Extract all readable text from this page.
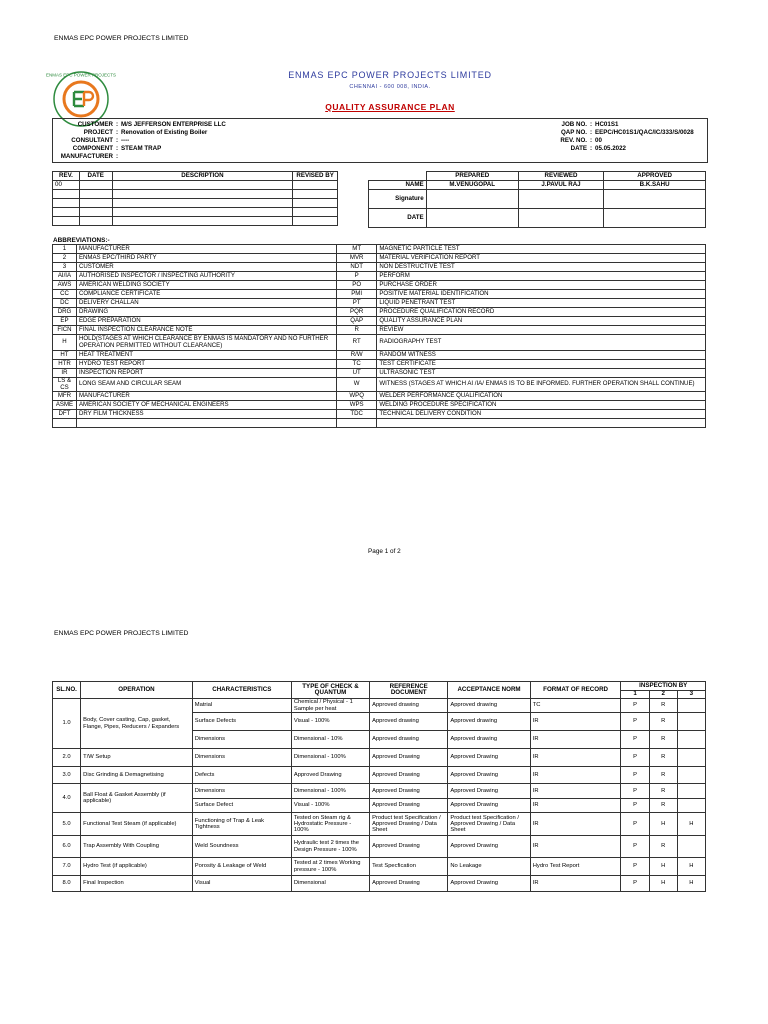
ENMAS EPC POWER PROJECTS LIMITED
ENMAS EPC POWER PROJECTS	ENMAS EPC POWER PROJECTS LIMITED
CHENNAI - 600 008, INDIA.
QUALITY ASSURANCE PLAN
CUSTOMER : M/S JEFFERSON ENTERPRISE LLC
PROJECT : Renovation of Existing Boiler
CONSULTANT : ----
COMPONENT : STEAM TRAP
MANUFACTURER :
JOB NO. : HC01S1
QAP NO. : EEPC/HC01S1/QAC/IC/333/S/0028
REV. NO. : 00
DATE : 05.05.2022
REV.	DATE	DESCRIPTION	REVISED BY
00			

	PREPARED	REVIEWED	APPROVED
NAME	M.VENUGOPAL	J.PAVUL RAJ	B.K.SAHU
Signature			
DATE			
ABBREVIATIONS:-
1	MANUFACTURER	MT	MAGNETIC PARTICLE TEST
2	ENMAS EPC/THIRD PARTY	MVR	MATERIAL VERIFICATION REPORT
3	CUSTOMER	NDT	NON DESTRUCTIVE TEST
AI/IA	AUTHORISED INSPECTOR / INSPECTING AUTHORITY	P	PERFORM
AWS	AMERICAN WELDING SOCIETY	PO	PURCHASE ORDER
CC	COMPLIANCE CERTIFICATE	PMI	POSITIVE MATERIAL IDENTIFICATION
DC	DELIVERY CHALLAN	PT	LIQUID PENETRANT TEST
DRG	DRAWING	PQR	PROCEDURE QUALIFICATION RECORD
EP	EDGE PREPARATION	QAP	QUALITY ASSURANCE PLAN
FICN	FINAL INSPECTION CLEARANCE NOTE	R	REVIEW
H	HOLD(STAGES AT WHICH CLEARANCE BY ENMAS IS MANDATORY AND NO FURTHER OPERATION PERMITTED WITHOUT CLEARANCE)	RT	RADIOGRAPHY TEST
HT	HEAT TREATMENT	R/W	RANDOM WITNESS
HTR	HYDRO TEST REPORT	TC	TEST CERTIFICATE
IR	INSPECTION REPORT	UT	ULTRASONIC TEST
LS & CS	LONG SEAM AND CIRCULAR SEAM	W	WITNESS (STAGES AT WHICH AI /IA/ ENMAS IS TO BE INFORMED. FURTHER OPERATION SHALL CONTINUE)
MFR	MANUFACTURER	WPQ	WELDER PERFORMANCE QUALIFICATION
ASME	AMERICAN SOCIETY OF MECHANICAL ENGINEERS	WPS	WELDING PROCEDURE SPECIFICATION
DFT	DRY FILM THICKNESS	TDC	TECHNICAL DELIVERY CONDITION

Page 1 of 2
ENMAS EPC POWER PROJECTS LIMITED
SL.NO.	OPERATION	CHARACTERISTICS	TYPE OF CHECK & QUANTUM	REFERENCE DOCUMENT	ACCEPTANCE NORM	FORMAT OF RECORD	INSPECTION BY		
							1	2	3
1.0	Body, Cover casting, Cap, gasket, Flange, Pipes, Reducers / Expanders	Matrial	Chemical / Physical - 1 Sample per heat	Approved drawing	Approved drawing	TC	P	R	
		Surface Defects	Visual - 100%	Approved drawing	Approved drawing	IR	P	R	
		Dimensions	Dimensional - 10%	Approved drawing	Approved drawing	IR	P	R	
2.0	T/W Setup	Dimensions	Dimensional - 100%	Approved Drawing	Approved Drawing	IR	P	R	
3.0	Disc Grinding & Demagnetising	Defects	Approved Drawing	Approved Drawing	Approved Drawing	IR	P	R	
4.0	Ball Float & Gasket Assembly (if applicable)	Dimensions	Dimensional - 100%	Approved Drawing	Approved Drawing	IR	P	R	
		Surface Defect	Visual - 100%	Approved Drawing	Approved Drawing	IR	P	R	
5.0	Functional Test Steam (if applicable)	Functioning of Trap & Leak Tightness	Tested on Steam rig & Hydrostatic Pressure - 100%	Product test Specification / Approved Drawing / Data Sheet	Product test Specification / Approved Drawing / Data Sheet	IR	P	H	H
6.0	Trap Assembly With Coupling	Weld Soundness	Hydraulic test 2 times the Design Pressure - 100%	Approved Drawing	Approved Drawing	IR	P	R	
7.0	Hydro Test (if applicable)	Porosity & Leakage of Weld	Tested at 2 times Working pressure - 100%	Test Specfication	No Leakage	Hydro Test Report	P	H	H
8.0	Final Inspection	Visual	Dimensional	Approved Drawing	Approved Drawing	IR	P	H	H
